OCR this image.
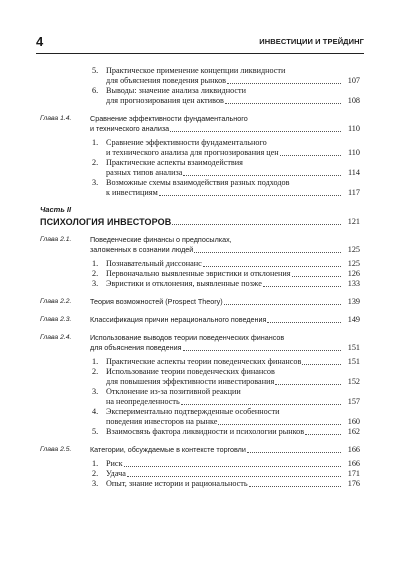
4	ИНВЕСТИЦИИ И ТРЕЙДИНГ
5. Практическое применение концепции ликвидности
для объяснения поведения рынков	107
6. Выводы: значение анализа ликвидности
для прогнозирования цен активов	108
Глава 1.4.	Сравнение эффективности фундаментального
и технического анализа	110
1. Сравнение эффективности фундаментального
и технического анализа для прогнозирования цен	110
2. Практические аспекты взаимодействия
разных типов анализа	114
3. Возможные схемы взаимодействия разных подходов
к инвестициям	117
Часть II
ПСИХОЛОГИЯ ИНВЕСТОРОВ	121
Глава 2.1.	Поведенческие финансы о предпосылках,
заложенных в сознании людей	125
1. Познавательный диссонанс	125
2. Первоначально выявленные эвристики и отклонения	126
3. Эвристики и отклонения, выявленные позже	133
Глава 2.2.	Теория возможностей (Prospect Theory)	139
Глава 2.3.	Классификация причин нерационального поведения	149
Глава 2.4.	Использование выводов теории поведенческих финансов
для объяснения поведения	151
1. Практические аспекты теории поведенческих финансов	151
2. Использование теории поведенческих финансов
для повышения эффективности инвестирования	152
3. Отклонение из-за позитивной реакции
на неопределенность	157
4. Экспериментально подтвержденные особенности
поведения инвесторов на рынке	160
5. Взаимосвязь фактора ликвидности и психологии рынков	162
Глава 2.5.	Категории, обсуждаемые в контексте торговли	166
1. Риск	166
2. Удача	171
3. Опыт, знание истории и рациональность	176
